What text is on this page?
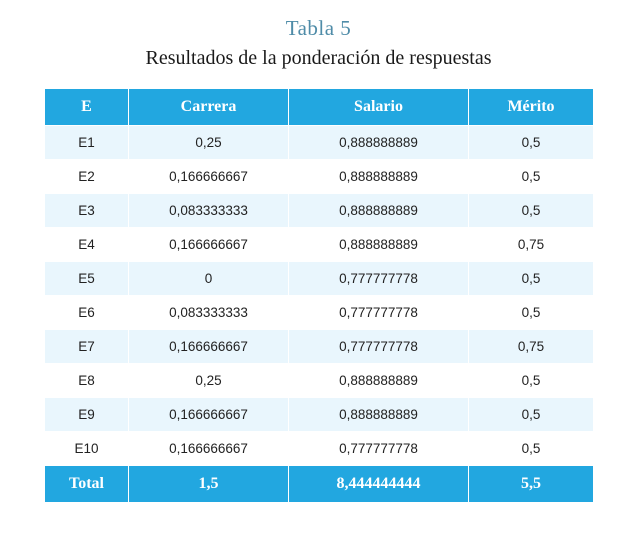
Tabla 5
Resultados de la ponderación de respuestas
E	Carrera	Salario	Mérito
E1	0,25	0,888888889	0,5
E2	0,166666667	0,888888889	0,5
E3	0,083333333	0,888888889	0,5
E4	0,166666667	0,888888889	0,75
E5	0	0,777777778	0,5
E6	0,083333333	0,777777778	0,5
E7	0,166666667	0,777777778	0,75
E8	0,25	0,888888889	0,5
E9	0,166666667	0,888888889	0,5
E10	0,166666667	0,777777778	0,5
Total	1,5	8,444444444	5,5
